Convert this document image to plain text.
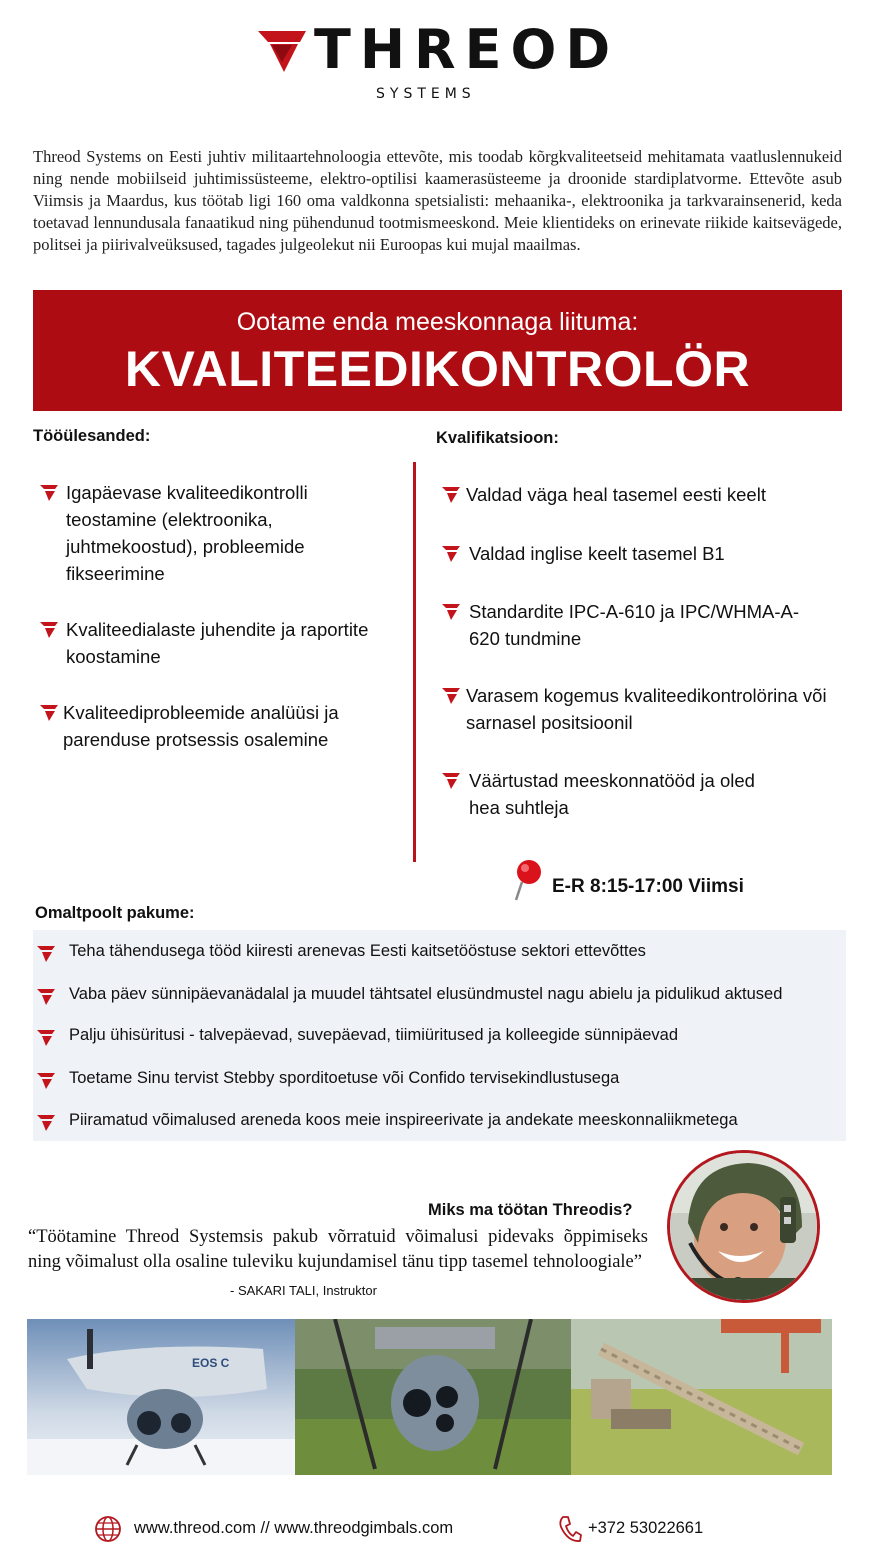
THREOD
SYSTEMS

Threod Systems on Eesti juhtiv militaartehnoloogia ettevõte, mis toodab kõrgkvaliteetseid mehitamata vaatluslennukeid ning nende mobiilseid juhtimissüsteeme, elektro-optilisi kaamerasüsteeme ja droonide stardiplatvorme. Ettevõte asub Viimsis ja Maardus, kus töötab ligi 160 oma valdkonna spetsialisti: mehaanika-, elektroonika ja tarkvarainsenerid, keda toetavad lennundusala fanaatikud ning pühendunud tootmismeeskond. Meie klientideks on erinevate riikide kaitsevägede, politsei ja piirivalveüksused, tagades julgeolekut nii Euroopas kui mujal maailmas.

Ootame enda meeskonnaga liituma:
KVALITEEDIKONTROLÖR
Tööülesanded:
Igapäevase kvaliteedikontrolli teostamine (elektroonika, juhtmekoostud), probleemide fikseerimine
Kvaliteedialaste juhendite ja raportite koostamine
Kvaliteediprobleemide analüüsi ja parenduse protsessis osalemine
Kvalifikatsioon:
Valdad väga heal tasemel eesti keelt
Valdad inglise keelt tasemel B1
Standardite IPC-A-610 ja IPC/WHMA-A-620 tundmine
Varasem kogemus kvaliteedikontrolörina või sarnasel positsioonil
Väärtustad meeskonnatööd ja oled hea suhtleja
E-R 8:15-17:00 Viimsi
Omaltpoolt pakume:
Teha tähendusega tööd kiiresti arenevas Eesti kaitsetööstuse sektori ettevõttes
Vaba päev sünnipäevanädalal ja muudel tähtsatel elusündmustel nagu abielu ja pidulikud aktused
Palju ühisüritusi - talvepäevad, suvepäevad, tiimiüritused ja kolleegide sünnipäevad
Toetame Sinu tervist Stebby sporditoetuse või Confido tervisekindlustusega
Piiramatud võimalused areneda koos meie inspireerivate ja andekate meeskonnaliikmetega
Miks ma töötan Threodis?

“Töötamine Threod Systemsis pakub võrratuid võimalusi pidevaks õppimiseks ning võimalust olla osaline tuleviku kujundamisel tänu tipp tasemel tehnoloogiale”

- SAKARI TALI, Instruktor
EOS C
www.threod.com // www.threodgimbals.com	+372 53022661
